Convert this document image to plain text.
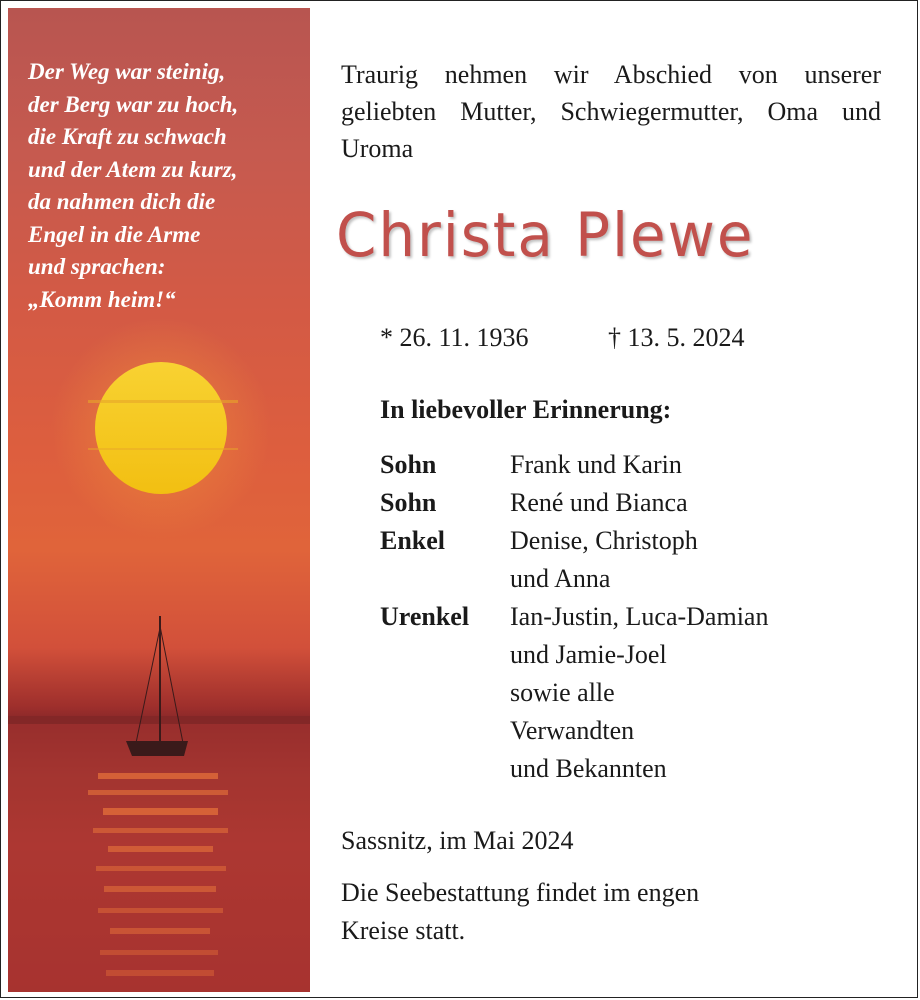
Der Weg war steinig,
der Berg war zu hoch,
die Kraft zu schwach
und der Atem zu kurz,
da nahmen dich die
Engel in die Arme
und sprachen:
„Komm heim!“

Traurig nehmen wir Abschied von unserer geliebten Mutter, Schwiegermutter, Oma und Uroma

Christa Plewe
* 26. 11. 1936	† 13. 5. 2024
In liebevoller Erinnerung:
Sohn	Frank und Karin
Sohn	René und Bianca
Enkel Denise, Christoph
und Anna
Urenkel Ian-Justin, Luca-Damian
und Jamie-Joel
sowie alle
Verwandten
und Bekannten
Sassnitz, im Mai 2024
Die Seebestattung findet im engen
Kreise statt.
